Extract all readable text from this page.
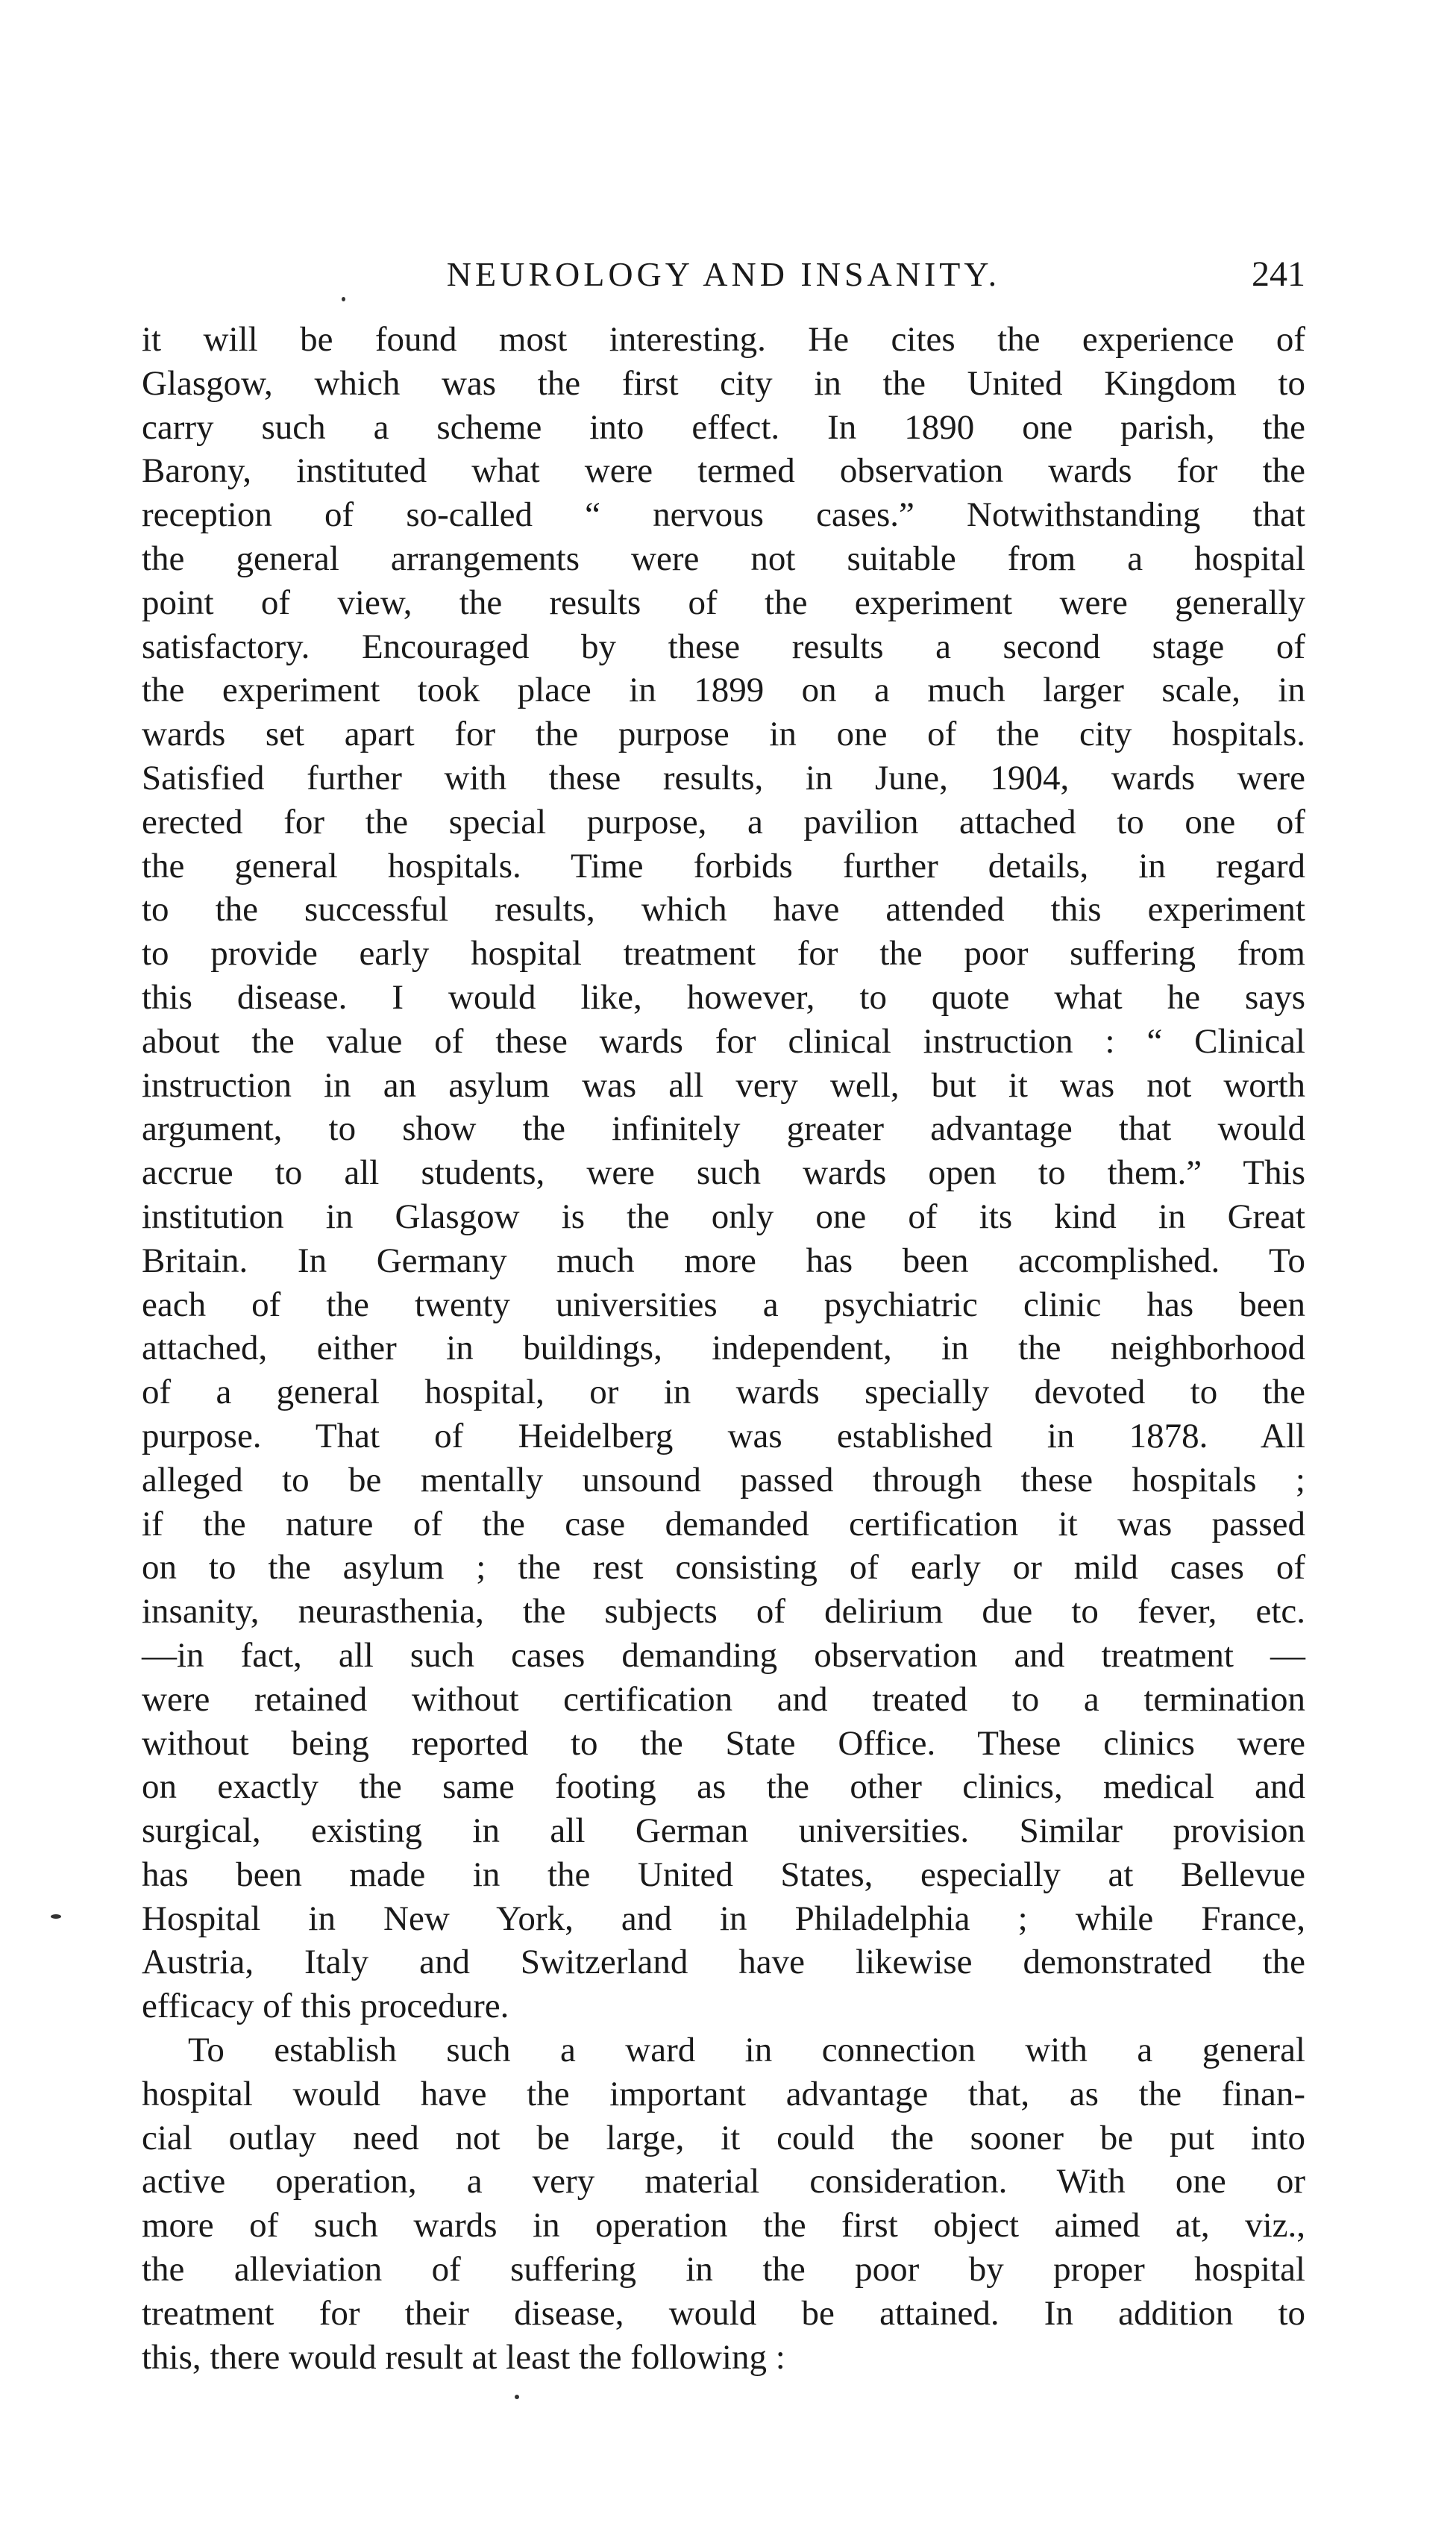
NEUROLOGY AND INSANITY.	241

it will be found most interesting. He cites the experience of
Glasgow, which was the first city in the United Kingdom to
carry such a scheme into effect. In 1890 one parish, the
Barony, instituted what were termed observation wards for the
reception of so-called “ nervous cases.” Notwithstanding that
the general arrangements were not suitable from a hospital
point of view, the results of the experiment were generally
satisfactory. Encouraged by these results a second stage of
the experiment took place in 1899 on a much larger scale, in
wards set apart for the purpose in one of the city hospitals.
Satisfied further with these results, in June, 1904, wards were
erected for the special purpose, a pavilion attached to one of
the general hospitals. Time forbids further details, in regard
to the successful results, which have attended this experiment
to provide early hospital treatment for the poor suffering from
this disease. I would like, however, to quote what he says
about the value of these wards for clinical instruction : “ Clinical
instruction in an asylum was all very well, but it was not worth
argument, to show the infinitely greater advantage that would
accrue to all students, were such wards open to them.” This
institution in Glasgow is the only one of its kind in Great
Britain. In Germany much more has been accomplished. To
each of the twenty universities a psychiatric clinic has been
attached, either in buildings, independent, in the neighborhood
of a general hospital, or in wards specially devoted to the
purpose. That of Heidelberg was established in 1878. All
alleged to be mentally unsound passed through these hospitals ;
if the nature of the case demanded certification it was passed
on to the asylum ; the rest consisting of early or mild cases of
insanity, neurasthenia, the subjects of delirium due to fever, etc.
—in fact, all such cases demanding observation and treatment —
were retained without certification and treated to a termination
without being reported to the State Office. These clinics were
on exactly the same footing as the other clinics, medical and
surgical, existing in all German universities. Similar provision
has been made in the United States, especially at Bellevue
Hospital in New York, and in Philadelphia ; while France,
Austria, Italy and Switzerland have likewise demonstrated the
efficacy of this procedure.

To establish such a ward in connection with a general
hospital would have the important advantage that, as the finan-
cial outlay need not be large, it could the sooner be put into
active operation, a very material consideration. With one or
more of such wards in operation the first object aimed at, viz.,
the alleviation of suffering in the poor by proper hospital
treatment for their disease, would be attained. In addition to
this, there would result at least the following :
